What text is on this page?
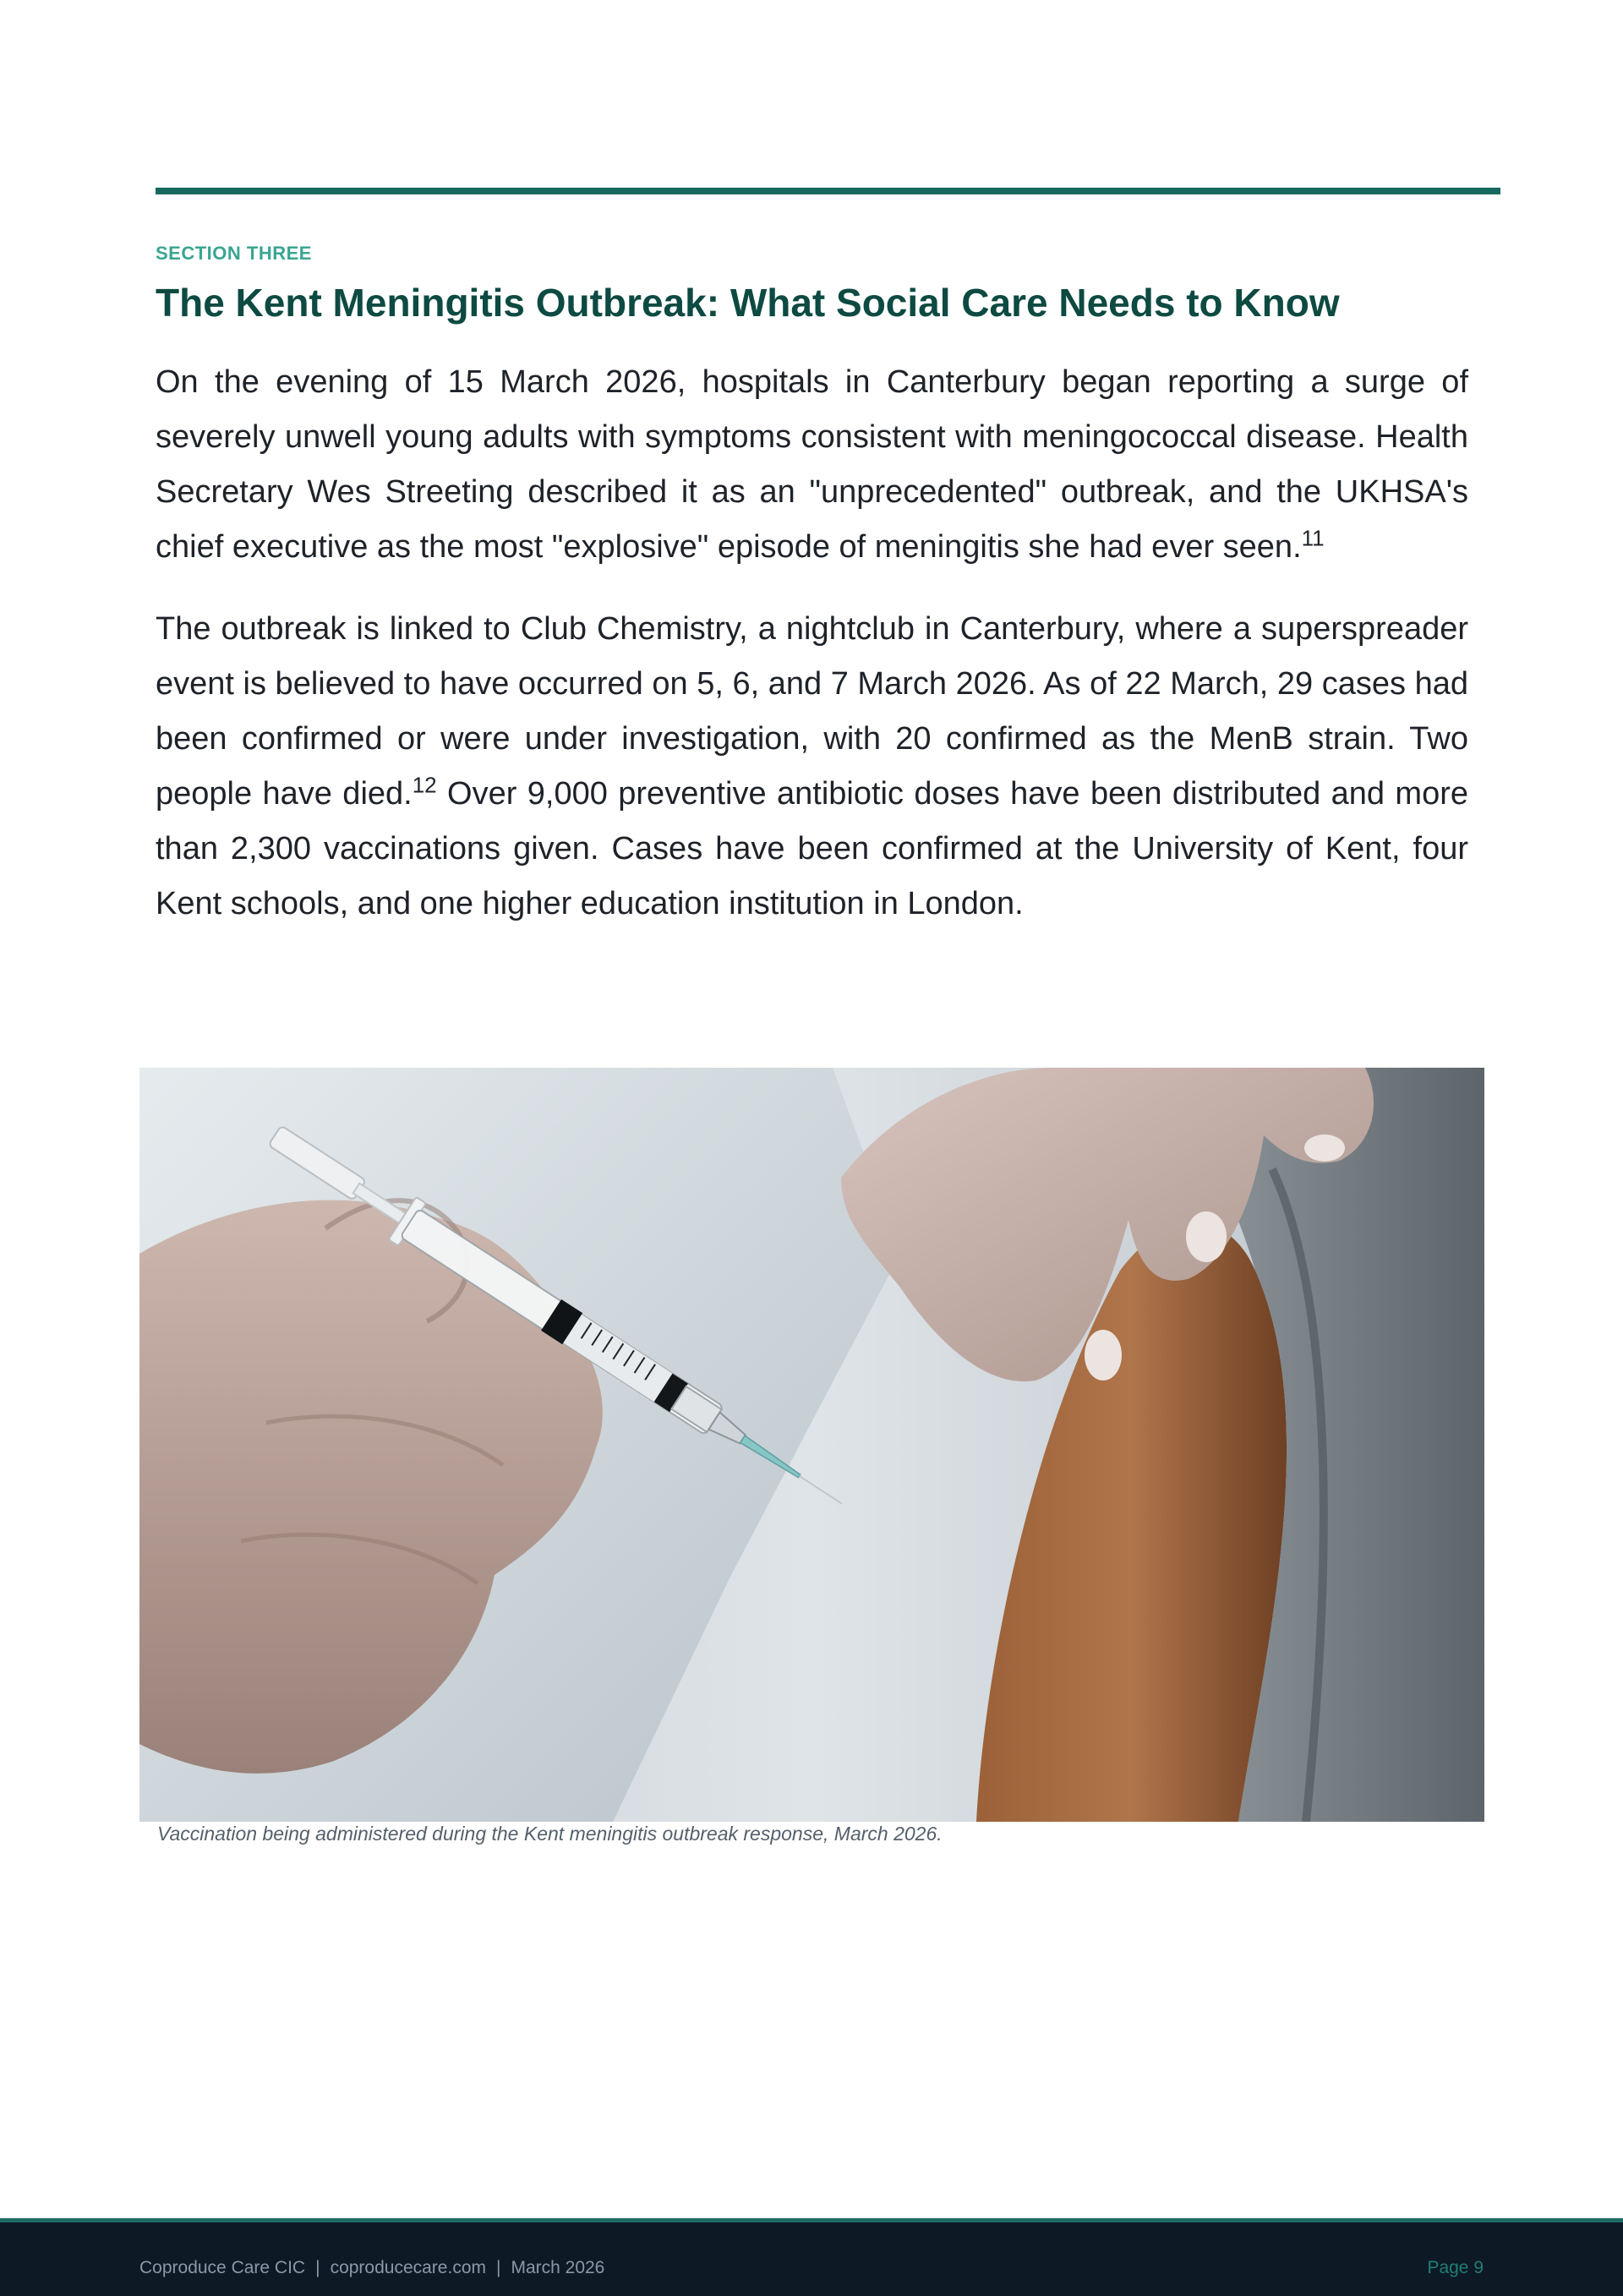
SECTION THREE
The Kent Meningitis Outbreak: What Social Care Needs to Know

On the evening of 15 March 2026, hospitals in Canterbury began reporting a surge of severely unwell young adults with symptoms consistent with meningococcal disease. Health Secretary Wes Streeting described it as an "unprecedented" outbreak, and the UKHSA's chief executive as the most "explosive" episode of meningitis she had ever seen.$^{11}$

The outbreak is linked to Club Chemistry, a nightclub in Canterbury, where a superspreader event is believed to have occurred on 5, 6, and 7 March 2026. As of 22 March, 29 cases had been confirmed or were under investigation, with 20 confirmed as the MenB strain. Two people have died.$^{12}$ Over 9,000 preventive antibiotic doses have been distributed and more than 2,300 vaccinations given. Cases have been confirmed at the University of Kent, four Kent schools, and one higher education institution in London.

Vaccination being administered during the Kent meningitis outbreak response, March 2026.
Coproduce Care CIC | coproducecare.com | March 2026	Page 9
